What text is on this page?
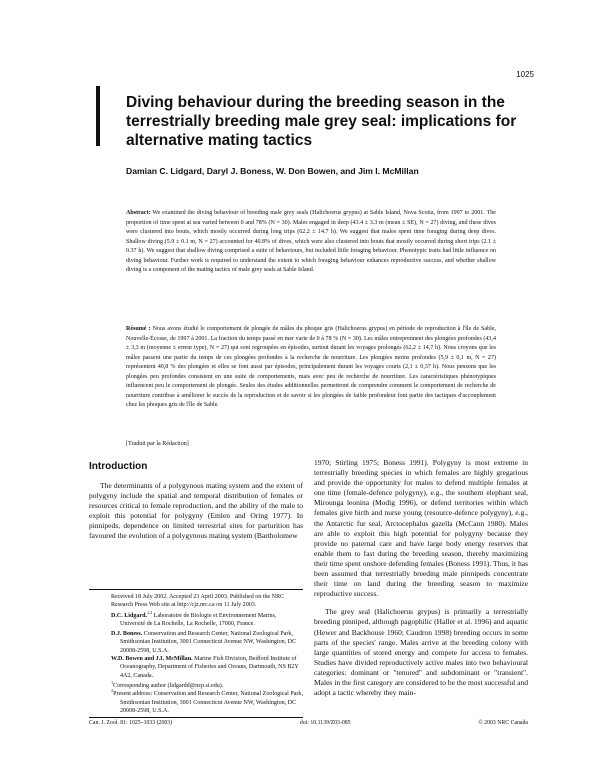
1025
Diving behaviour during the breeding season in the terrestrially breeding male grey seal: implications for alternative mating tactics
Damian C. Lidgard, Daryl J. Boness, W. Don Bowen, and Jim I. McMillan
Abstract: We examined the diving behaviour of breeding male grey seals (Halichoerus grypus) at Sable Island, Nova Scotia, from 1997 to 2001. The proportion of time spent at sea varied between 0 and 78% (N = 30). Males engaged in deep (43.4 ± 3.3 m (mean ± SE), N = 27) diving, and these dives were clustered into bouts, which mostly occurred during long trips (62.2 ± 14.7 h). We suggest that males spent time foraging during deep dives. Shallow diving (5.9 ± 0.1 m, N = 27) accounted for 40.8% of dives, which were also clustered into bouts that mostly occurred during short trips (2.1 ± 0.37 h). We suggest that shallow diving comprised a suite of behaviours, but included little foraging behaviour. Phenotypic traits had little influence on diving behaviour. Further work is required to understand the extent to which foraging behaviour enhances reproductive success, and whether shallow diving is a component of the mating tactics of male grey seals at Sable Island.
Résumé : Nous avons étudié le comportement de plongée de mâles du phoque gris (Halichoerus grypus) en période de reproduction à l'île de Sable, Nouvelle-Écosse, de 1997 à 2001. La fraction du temps passé en mer varie de 0 à 78 % (N = 30). Les mâles entreprennent des plongées profondes (43,4 ± 3,3 m (moyenne ± erreur type), N = 27) qui sont regroupées en épisodes, surtout durant les voyages prolongés (62,2 ± 14,7 h). Nous croyons que les mâles passent une partie du temps de ces plongées profondes à la recherche de nourriture. Les plongées moins profondes (5,9 ± 0,1 m, N = 27) représentent 40,8 % des plongées et elles se font aussi par épisodes, principalement durant les voyages courts (2,1 ± 0,37 h). Nous pensons que les plongées peu profondes consistent en une suite de comportements, mais avec peu de recherche de nourriture. Les caractéristiques phénotypiques influencent peu le comportement de plongée. Seules des études additionnelles permettront de comprendre comment le comportement de recherche de nourriture contribue à améliorer le succès de la reproduction et de savoir si les plongées de faible profondeur font partie des tactiques d'accouplement chez les phoques gris de l'île de Sable.
[Traduit par la Rédaction]
Introduction

The determinants of a polygynous mating system and the extent of polygyny include the spatial and temporal distribution of females or resources critical to female reproduction, and the ability of the male to exploit this potential for polygyny (Emlen and Oring 1977). In pinnipeds, dependence on limited terrestrial sites for parturition has favoured the evolution of a polygynous mating system (Bartholomew

1970; Stirling 1975; Boness 1991). Polygyny is most extreme in terrestrially breeding species in which females are highly gregarious and provide the opportunity for males to defend multiple females at one time (female-defence polygyny), e.g., the southern elephant seal, Mirounga leonina (Modig 1996), or defend territories within which females give birth and nurse young (resource-defence polygyny), e.g., the Antarctic fur seal, Arctocephalus gazella (McCann 1980). Males are able to exploit this high potential for polygyny because they provide no paternal care and have large body energy reserves that enable them to fast during the breeding season, thereby maximizing their time spent onshore defending females (Boness 1991). Thus, it has been assumed that terrestrially breeding male pinnipeds concentrate their time on land during the breeding season to maximize reproductive success.

The grey seal (Halichoerus grypus) is primarily a terrestrially breeding pinniped, although pagophilic (Haller et al. 1996) and aquatic (Hewer and Backhouse 1960; Caudron 1998) breeding occurs in some parts of the species' range. Males arrive at the breeding colony with large quantities of stored energy and compete for access to females. Studies have divided reproductively active males into two behavioural categories: dominant or "tenured" and subdominant or "transient". Males in the first category are considered to be the most successful and adopt a tactic whereby they main-

Received 18 July 2002. Accepted 23 April 2003. Published on the NRC Research Press Web site at http://cjz.nrc.ca on 11 July 2003.

D.C. Lidgard.$^{1,2}$ Laboratoire de Biologie et Environnement Marins, Université de La Rochelle, La Rochelle, 17000, France.

D.J. Boness. Conservation and Research Center, National Zoological Park, Smithsonian Institution, 3001 Connecticut Avenue NW, Washington, DC 20008-2598, U.S.A.

W.D. Bowen and J.I. McMillan. Marine Fish Division, Bedford Institute of Oceanography, Department of Fisheries and Oceans, Dartmouth, NS B2Y 4A2, Canada.

$^1$Corresponding author (lidgardd@nzp.si.edu).

$^2$Present address: Conservation and Research Center, National Zoological Park, Smithsonian Institution, 3001 Connecticut Avenue NW, Washington, DC 20008-2598, U.S.A.

Can. J. Zool. 81: 1025–1033 (2003)	doi: 10.1139/Z03-085	© 2003 NRC Canada
